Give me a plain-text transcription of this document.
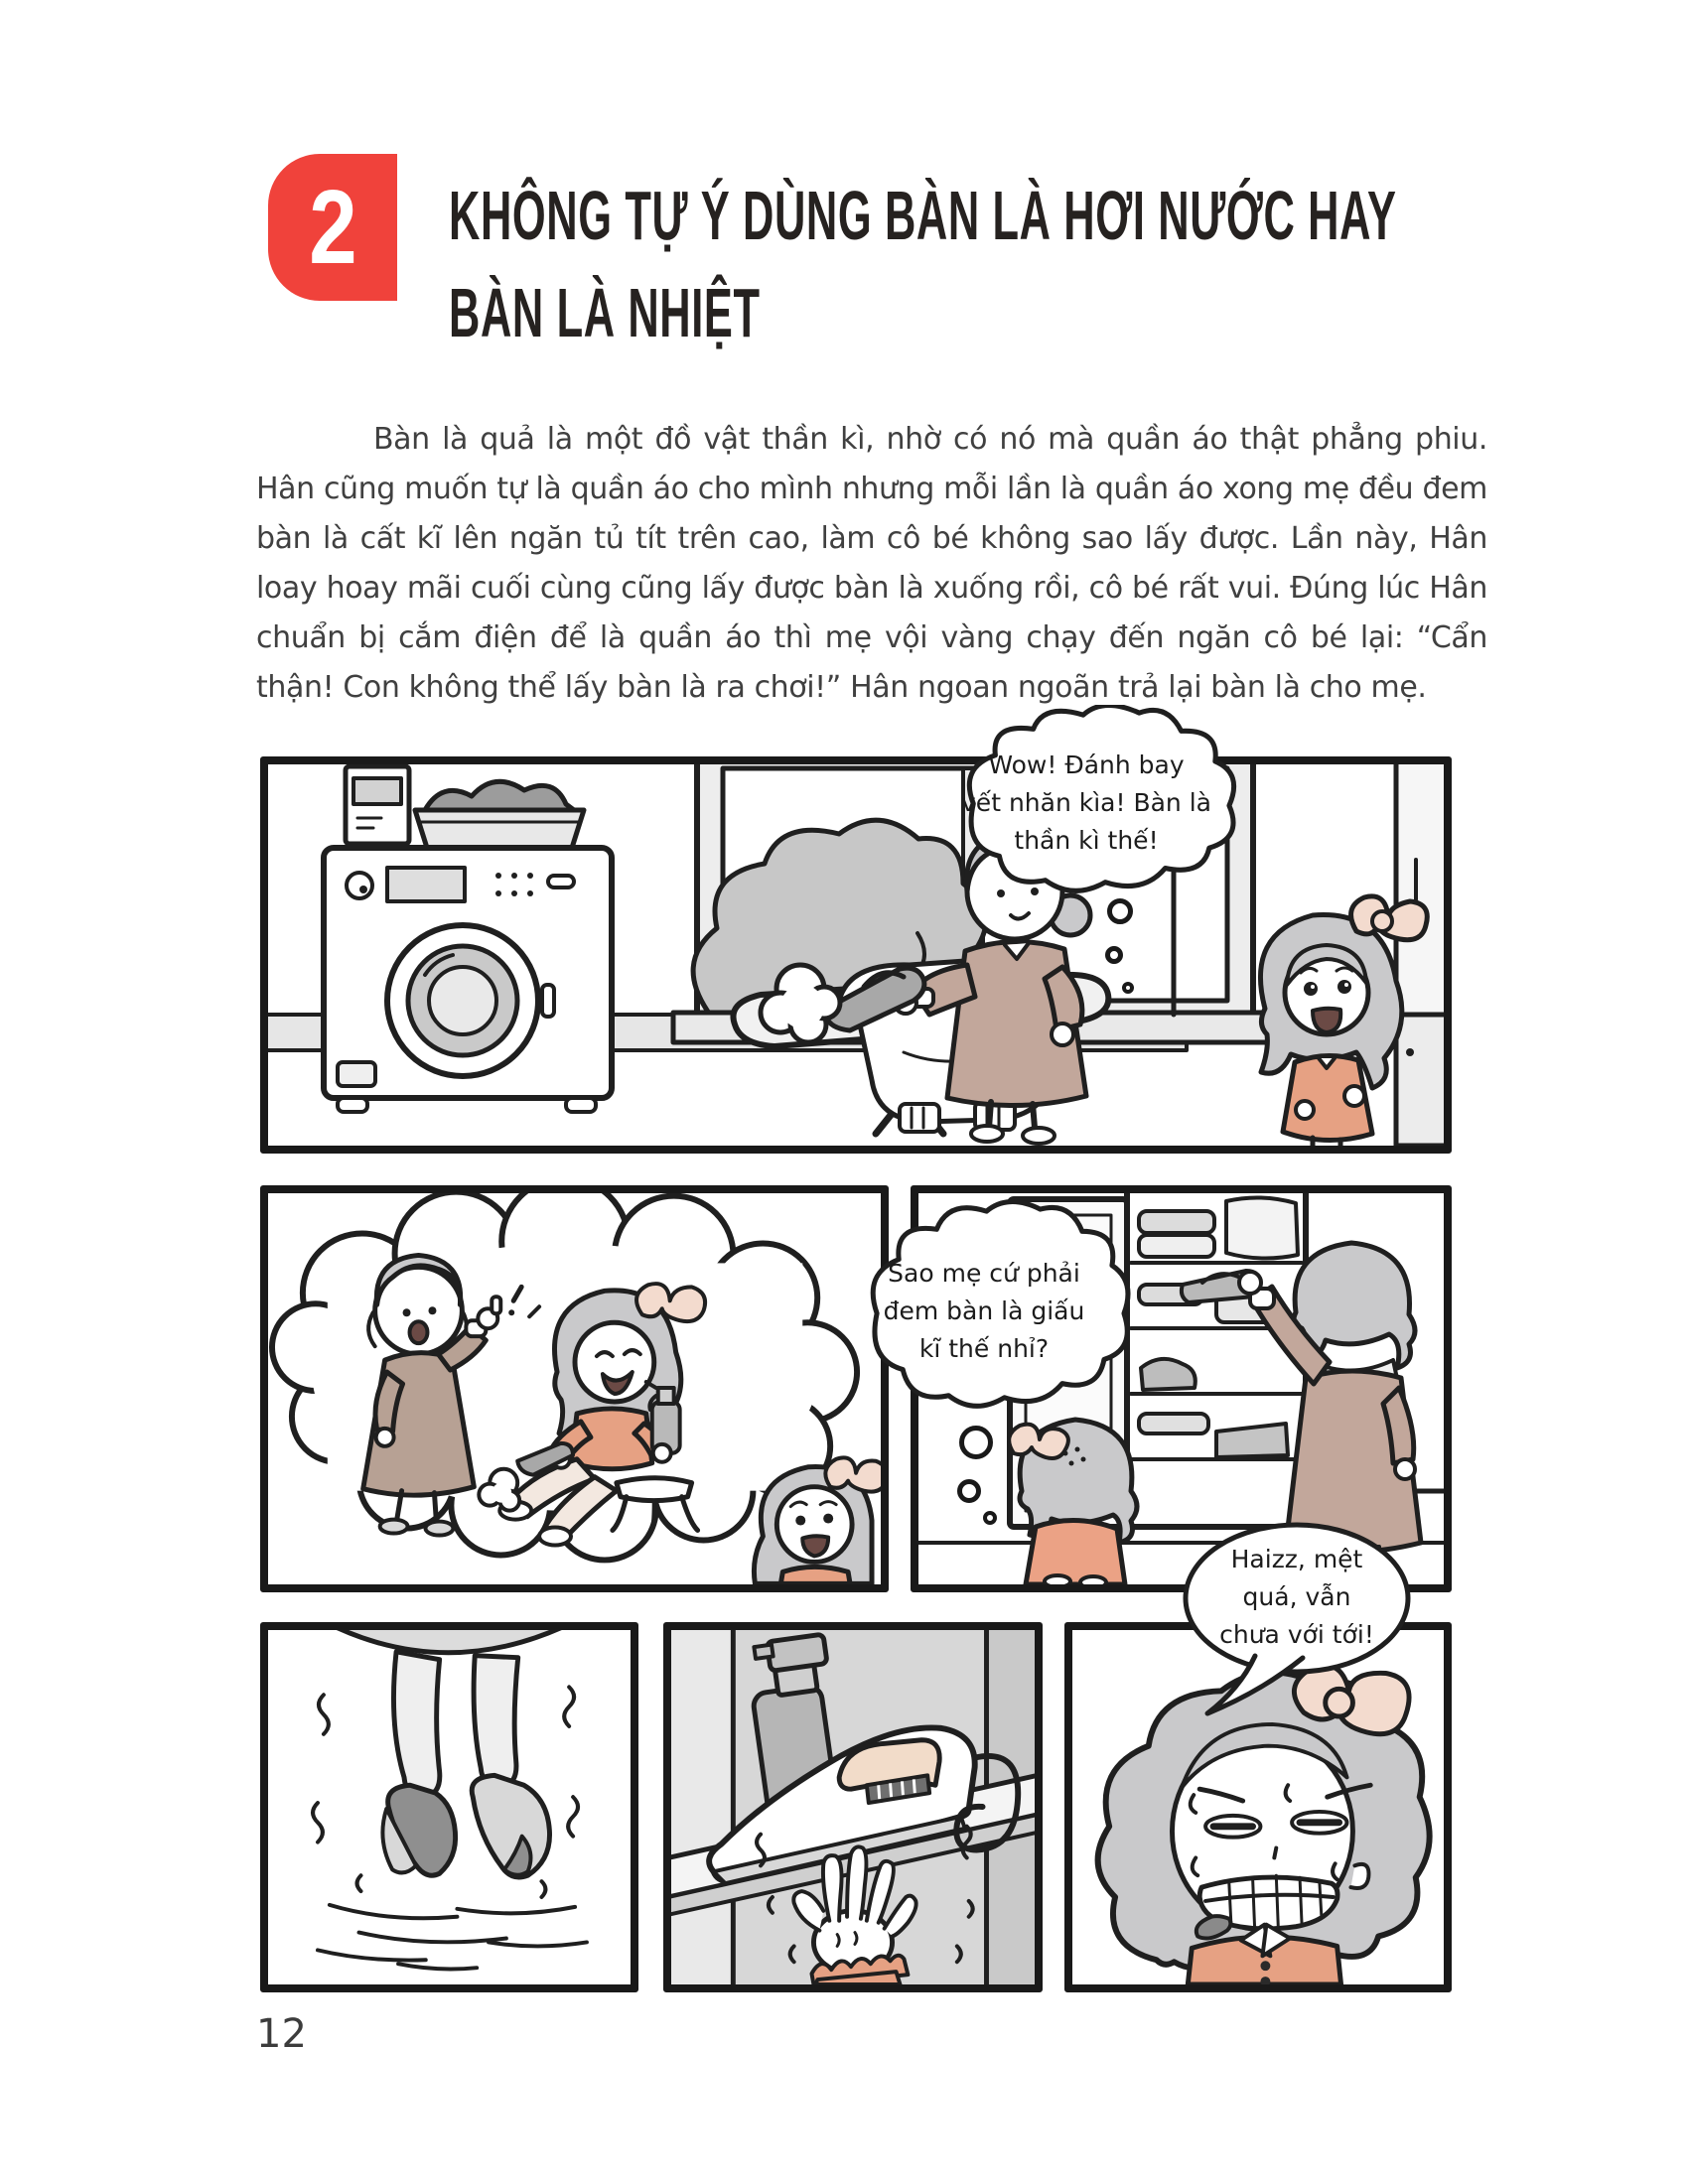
2 KHÔNG TỰ Ý DÙNG BÀN LÀ HƠI NƯỚC HAY
BÀN LÀ NHIỆT

Bàn là quả là một đồ vật thần kì, nhờ có nó mà quần áo thật phẳng phiu. Hân cũng muốn tự là quần áo cho mình nhưng mỗi lần là quần áo xong mẹ đều đem bàn là cất kĩ lên ngăn tủ tít trên cao, làm cô bé không sao lấy được. Lần này, Hân loay hoay mãi cuối cùng cũng lấy được bàn là xuống rồi, cô bé rất vui. Đúng lúc Hân chuẩn bị cắm điện để là quần áo thì mẹ vội vàng chạy đến ngăn cô bé lại: “Cẩn thận! Con không thể lấy bàn là ra chơi!” Hân ngoan ngoãn trả lại bàn là cho mẹ.

Wow! Đánh bay
vết nhăn kìa! Bàn là
thần kì thế!
Sao mẹ cứ phải
đem bàn là giấu
kĩ thế nhỉ?
Haizz, mệt
quá, vẫn
chưa với tới!
12
